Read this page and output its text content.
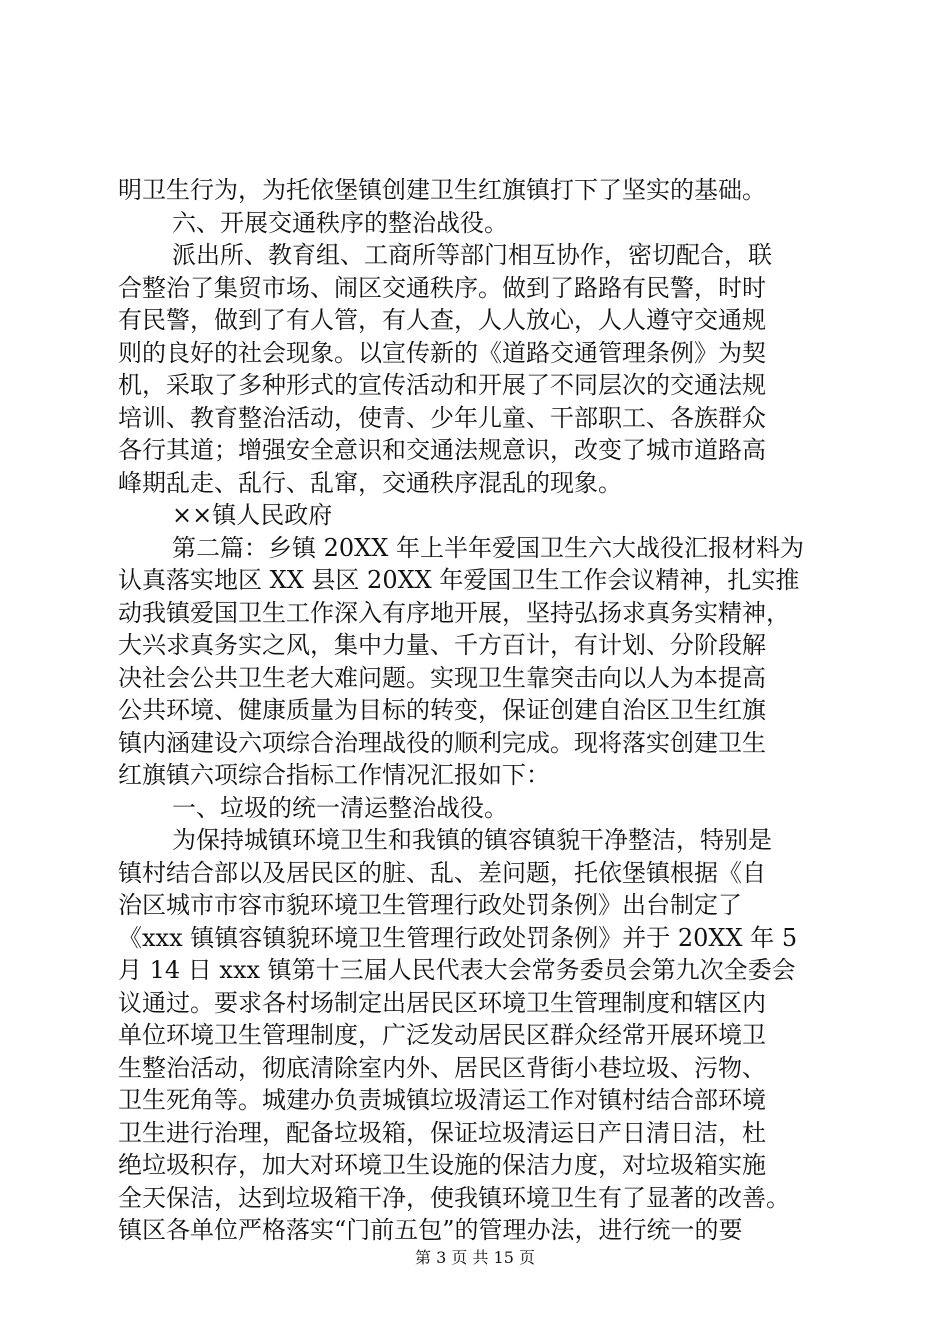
明卫生行为，为托依堡镇创建卫生红旗镇打下了坚实的基础。
六、开展交通秩序的整治战役。
派出所、教育组、工商所等部门相互协作，密切配合，联
合整治了集贸市场、闹区交通秩序。做到了路路有民警，时时
有民警，做到了有人管，有人查，人人放心，人人遵守交通规
则的良好的社会现象。以宣传新的《道路交通管理条例》为契
机，采取了多种形式的宣传活动和开展了不同层次的交通法规
培训、教育整治活动，使青、少年儿童、干部职工、各族群众
各行其道；增强安全意识和交通法规意识，改变了城市道路高
峰期乱走、乱行、乱窜，交通秩序混乱的现象。
××镇人民政府
第二篇：乡镇 20XX 年上半年爱国卫生六大战役汇报材料为
认真落实地区 XX 县区 20XX 年爱国卫生工作会议精神，扎实推
动我镇爱国卫生工作深入有序地开展，坚持弘扬求真务实精神，
大兴求真务实之风，集中力量、千方百计，有计划、分阶段解
决社会公共卫生老大难问题。实现卫生靠突击向以人为本提高
公共环境、健康质量为目标的转变，保证创建自治区卫生红旗
镇内涵建设六项综合治理战役的顺利完成。现将落实创建卫生
红旗镇六项综合指标工作情况汇报如下：
一、垃圾的统一清运整治战役。
为保持城镇环境卫生和我镇的镇容镇貌干净整洁，特别是
镇村结合部以及居民区的脏、乱、差问题，托依堡镇根据《自
治区城市市容市貌环境卫生管理行政处罚条例》出台制定了
《xxx 镇镇容镇貌环境卫生管理行政处罚条例》并于 20XX 年 5
月 14 日 xxx 镇第十三届人民代表大会常务委员会第九次全委会
议通过。要求各村场制定出居民区环境卫生管理制度和辖区内
单位环境卫生管理制度，广泛发动居民区群众经常开展环境卫
生整治活动，彻底清除室内外、居民区背街小巷垃圾、污物、
卫生死角等。城建办负责城镇垃圾清运工作对镇村结合部环境
卫生进行治理，配备垃圾箱，保证垃圾清运日产日清日洁，杜
绝垃圾积存，加大对环境卫生设施的保洁力度，对垃圾箱实施
全天保洁，达到垃圾箱干净，使我镇环境卫生有了显著的改善。
镇区各单位严格落实“门前五包”的管理办法，进行统一的要
第 3 页 共 15 页
